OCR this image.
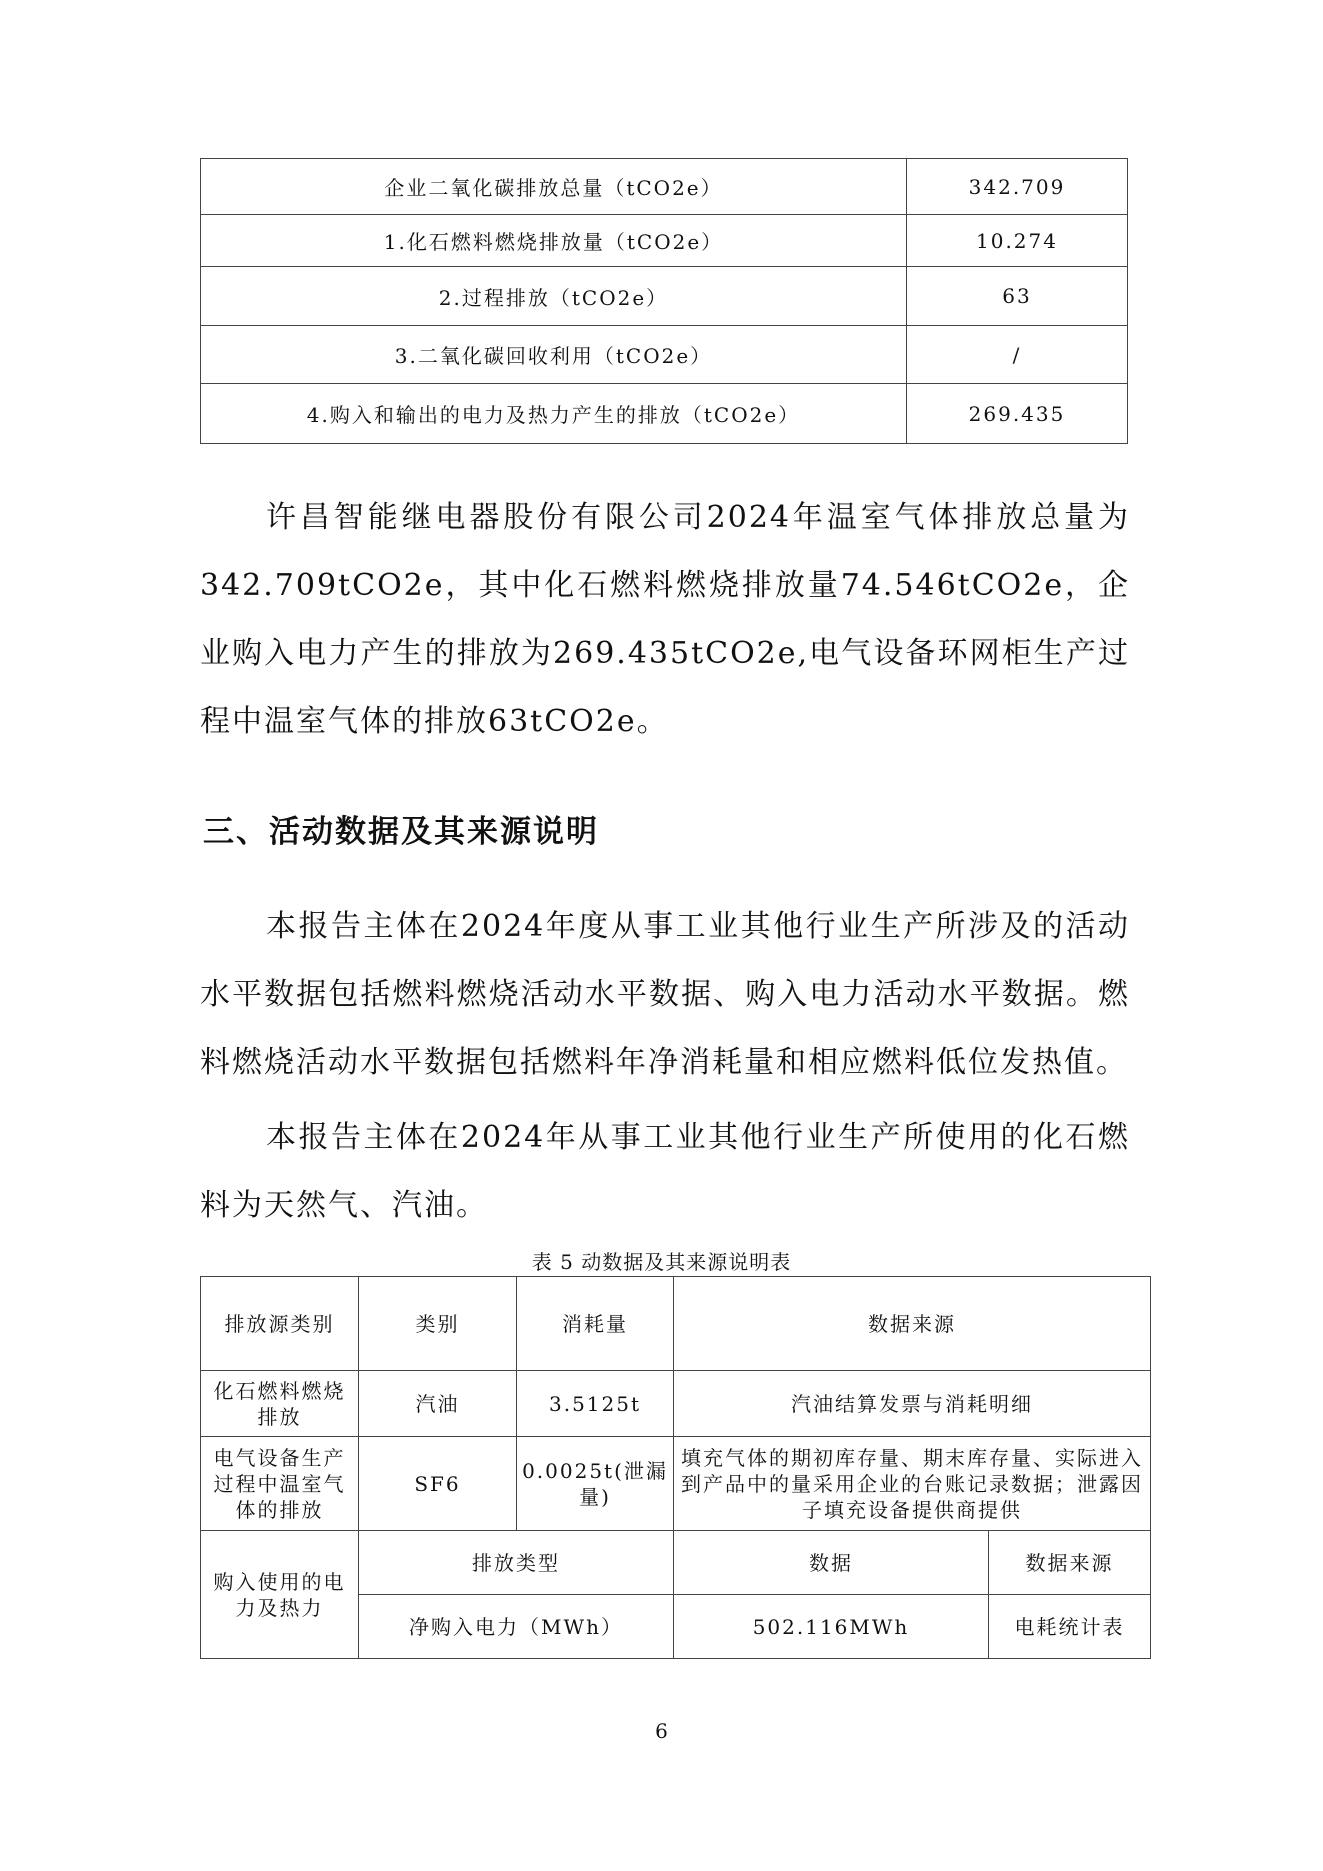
企业二氧化碳排放总量（tCO2e）	342.709
1.化石燃料燃烧排放量（tCO2e）	10.274
2.过程排放（tCO2e）	63
3.二氧化碳回收利用（tCO2e）	/
4.购入和输出的电力及热力产生的排放（tCO2e）	269.435

许昌智能继电器股份有限公司2024年温室气体排放总量为342.709tCO2e，其中化石燃料燃烧排放量74.546tCO2e，企业购入电力产生的排放为269.435tCO2e,电气设备环网柜生产过程中温室气体的排放63tCO2e。

三、活动数据及其来源说明

本报告主体在2024年度从事工业其他行业生产所涉及的活动水平数据包括燃料燃烧活动水平数据、购入电力活动水平数据。燃料燃烧活动水平数据包括燃料年净消耗量和相应燃料低位发热值。

本报告主体在2024年从事工业其他行业生产所使用的化石燃料为天然气、汽油。

表 5 动数据及其来源说明表
排放源类别	类别	消耗量	数据来源	
化石燃料燃烧排放	汽油	3.5125t	汽油结算发票与消耗明细	
电气设备生产过程中温室气体的排放	SF6	0.0025t(泄漏量)	填充气体的期初库存量、期末库存量、实际进入到产品中的量采用企业的台账记录数据；泄露因子填充设备提供商提供	
购入使用的电力及热力	排放类型		数据	数据来源
	净购入电力（MWh）		502.116MWh	电耗统计表
6
